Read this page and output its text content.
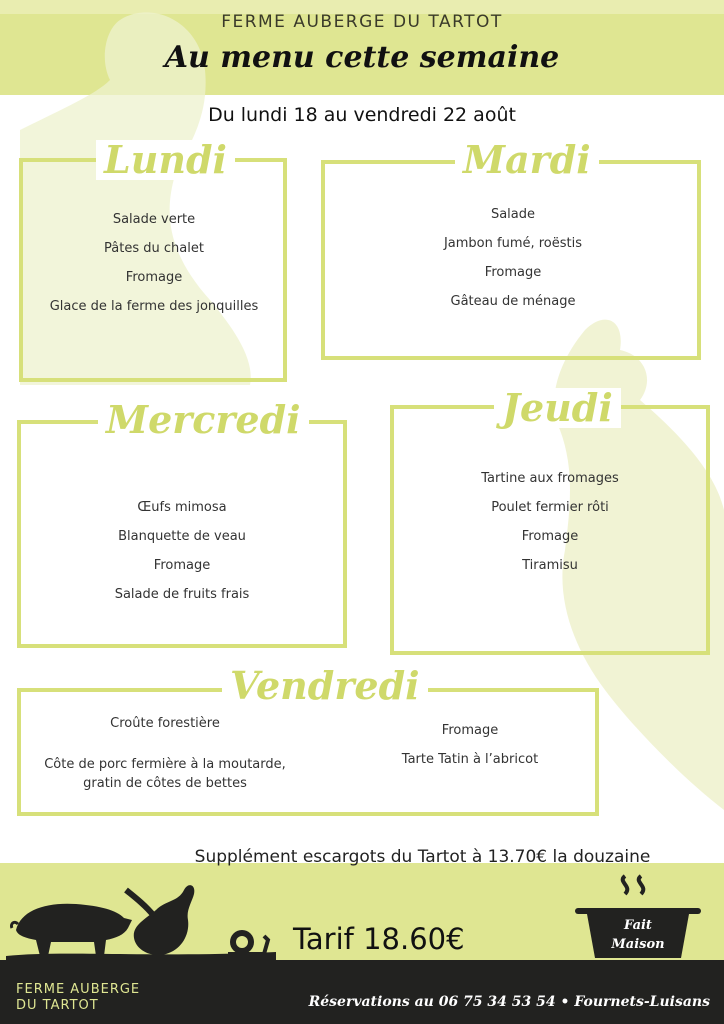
FERME AUBERGE DU TARTOT
Au menu cette semaine
Du lundi 18 au vendredi 22 août
Lundi
Salade verte
Pâtes du chalet
Fromage
Glace de la ferme des jonquilles
Mardi
Salade
Jambon fumé, roëstis
Fromage
Gâteau de ménage
Mercredi
Œufs mimosa
Blanquette de veau
Fromage
Salade de fruits frais
Jeudi
Tartine aux fromages
Poulet fermier rôti
Fromage
Tiramisu
Vendredi
Croûte forestière
Côte de porc fermière à la moutarde,
gratin de côtes de bettes
Fromage
Tarte Tatin à l’abricot
Supplément escargots du Tartot à 13.70€ la douzaine
Tarif 18.60€	Fait
Maison
FERME AUBERGE
DU TARTOT	Réservations au 06 75 34 53 54 • Fournets-Luisans
